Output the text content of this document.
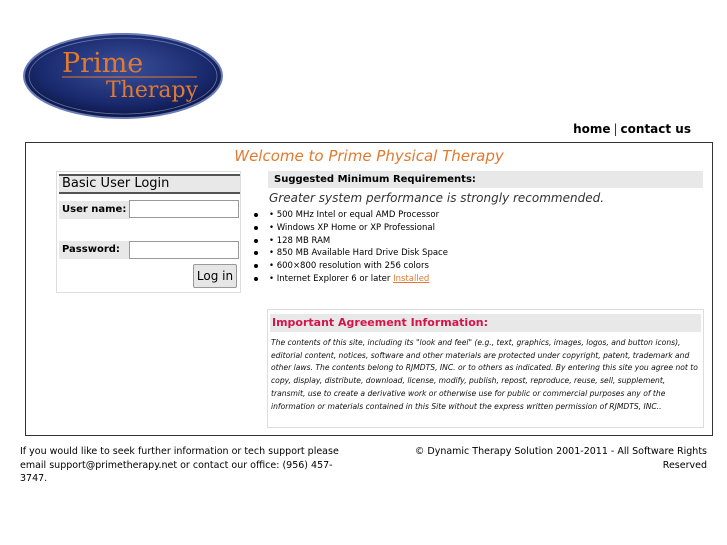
Prime
Therapy
home | contact us
Welcome to Prime Physical Therapy
Basic User Login
User name:
Password:
Log in
Suggested Minimum Requirements:
Greater system performance is strongly recommended.
• 500 MHz Intel or equal AMD Processor
• Windows XP Home or XP Professional
• 128 MB RAM
• 850 MB Available Hard Drive Disk Space
• 600×800 resolution with 256 colors
• Internet Explorer 6 or later Installed
Important Agreement Information:
The contents of this site, including its "look and feel" (e.g., text, graphics, images, logos, and button icons), editorial content, notices, software and other materials are protected under copyright, patent, trademark and other laws. The contents belong to RJMDTS, INC. or to others as indicated. By entering this site you agree not to copy, display, distribute, download, license, modify, publish, repost, reproduce, reuse, sell, supplement, transmit, use to create a derivative work or otherwise use for public or commercial purposes any of the information or materials contained in this Site without the express written permission of RJMDTS, INC..
If you would like to seek further information or tech support please email support@primetherapy.net or contact our office: (956) 457-3747.
© Dynamic Therapy Solution 2001-2011 - All Software Rights Reserved
